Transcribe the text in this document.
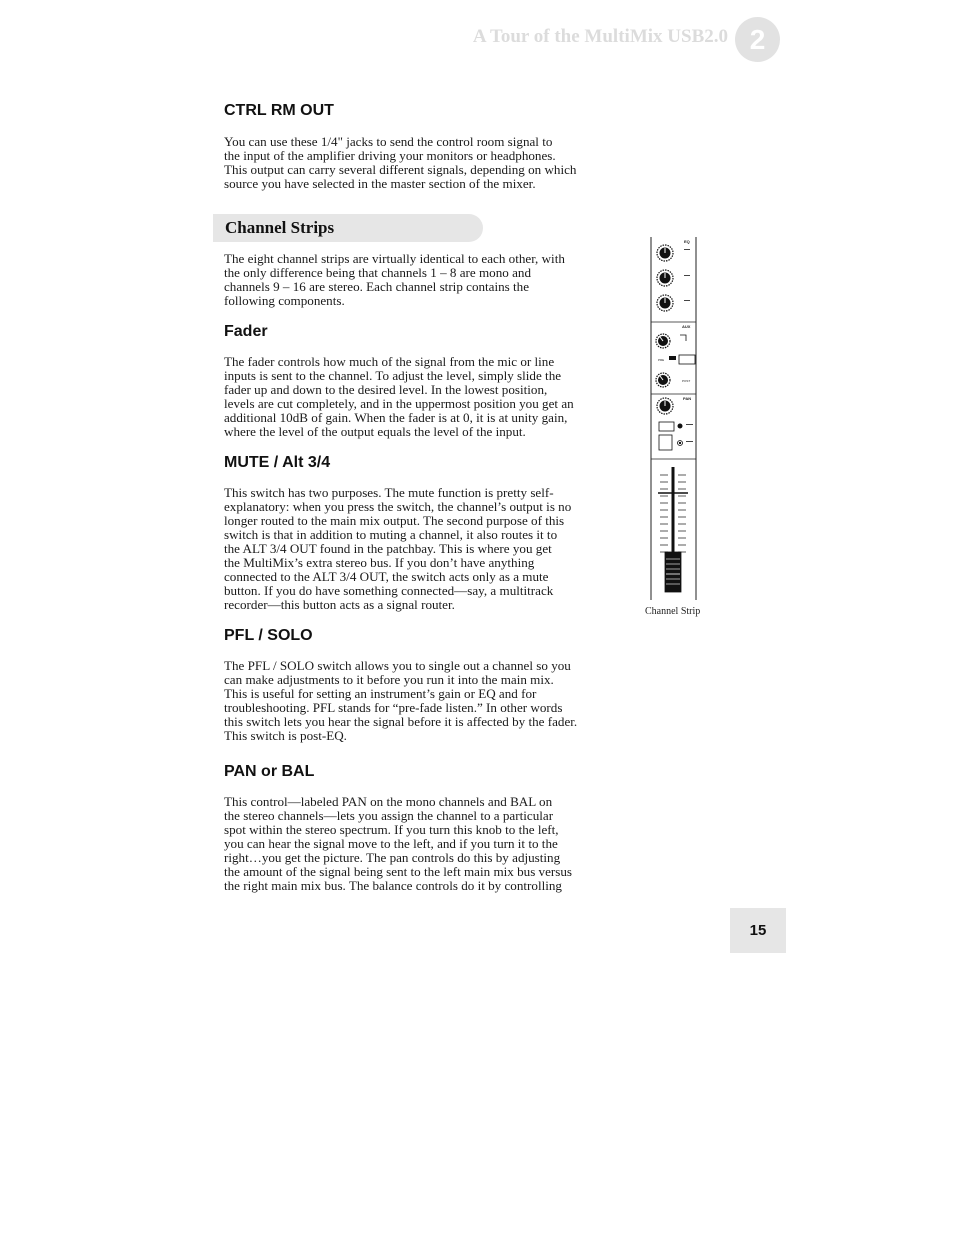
A Tour of the MultiMix USB2.0 2
CTRL RM OUT

You can use these 1/4" jacks to send the control room signal to

the input of the amplifier driving your monitors or headphones.

This output can carry several different signals, depending on which

source you have selected in the master section of the mixer.

Channel Strips

The eight channel strips are virtually identical to each other, with

the only difference being that channels 1 – 8 are mono and

channels 9 – 16 are stereo. Each channel strip contains the

following components.

Fader

The fader controls how much of the signal from the mic or line

inputs is sent to the channel. To adjust the level, simply slide the

fader up and down to the desired level. In the lowest position,

levels are cut completely, and in the uppermost position you get an

additional 10dB of gain. When the fader is at 0, it is at unity gain,

where the level of the output equals the level of the input.

MUTE / Alt 3/4

This switch has two purposes. The mute function is pretty self-

explanatory: when you press the switch, the channel’s output is no

longer routed to the main mix output. The second purpose of this

switch is that in addition to muting a channel, it also routes it to

the ALT 3/4 OUT found in the patchbay. This is where you get

the MultiMix’s extra stereo bus. If you don’t have anything

connected to the ALT 3/4 OUT, the switch acts only as a mute

button. If you do have something connected—say, a multitrack

recorder—this button acts as a signal router.

PFL / SOLO

The PFL / SOLO switch allows you to single out a channel so you

can make adjustments to it before you run it into the main mix.

This is useful for setting an instrument’s gain or EQ and for

troubleshooting. PFL stands for “pre-fade listen.” In other words

this switch lets you hear the signal before it is affected by the fader.

This switch is post-EQ.

PAN or BAL

This control—labeled PAN on the mono channels and BAL on

the stereo channels—lets you assign the channel to a particular

spot within the stereo spectrum. If you turn this knob to the left,

you can hear the signal move to the left, and if you turn it to the

right…you get the picture. The pan controls do this by adjusting

the amount of the signal being sent to the left main mix bus versus

the right main mix bus. The balance controls do it by controlling

EQ
AUX
PRE
POST
PAN
Channel Strip
15
